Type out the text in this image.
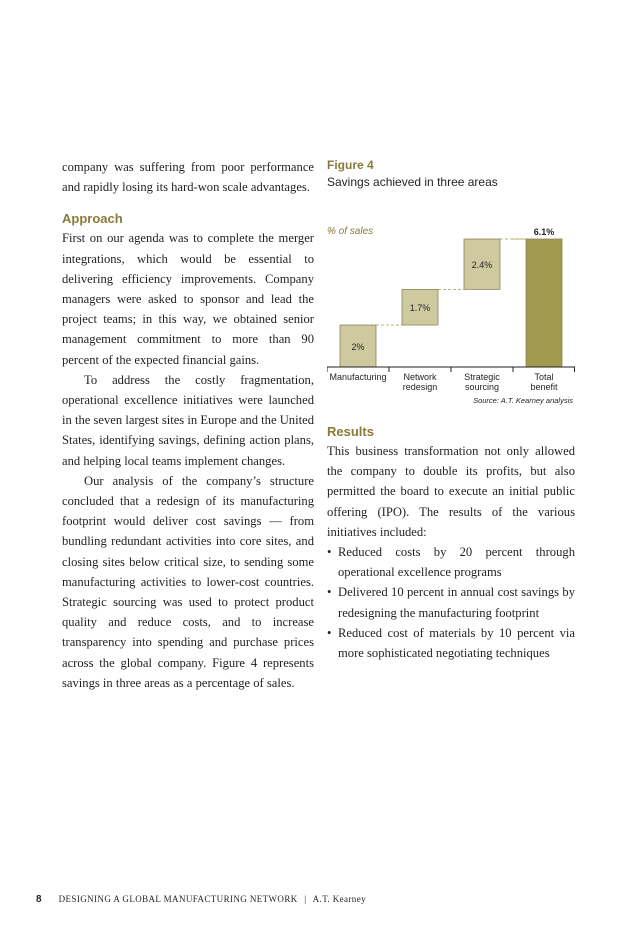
company was suffering from poor performance and rapidly losing its hard-won scale advantages.

Approach

First on our agenda was to complete the merger integrations, which would be essential to delivering efficiency improvements. Company managers were asked to sponsor and lead the project teams; in this way, we obtained senior management commitment to more than 90 percent of the expected financial gains.

To address the costly fragmentation, operational excellence initiatives were launched in the seven largest sites in Europe and the United States, identifying savings, defining action plans, and helping local teams implement changes.

Our analysis of the company’s structure concluded that a redesign of its manufacturing footprint would deliver cost savings — from bundling redundant activities into core sites, and closing sites below critical size, to sending some manufacturing activities to lower-cost countries. Strategic sourcing was used to protect product quality and reduce costs, and to increase transparency into spending and purchase prices across the global company. Figure 4 represents savings in three areas as a percentage of sales.

Figure 4
Savings achieved in three areas
% of sales
2%
Manufacturing
1.7%
Network
redesign
2.4%
Strategic
sourcing
6.1%
Total
benefit
Source: A.T. Kearney analysis
Results

This business transformation not only allowed the company to double its profits, but also permitted the board to execute an initial public offering (IPO). The results of the various initiatives included:

• Reduced costs by 20 percent through operational excellence programs
• Delivered 10 percent in annual cost savings by redesigning the manufacturing footprint
• Reduced cost of materials by 10 percent via more sophisticated negotiating techniques
8 DESIGNING A GLOBAL MANUFACTURING NETWORK | A.T. Kearney
